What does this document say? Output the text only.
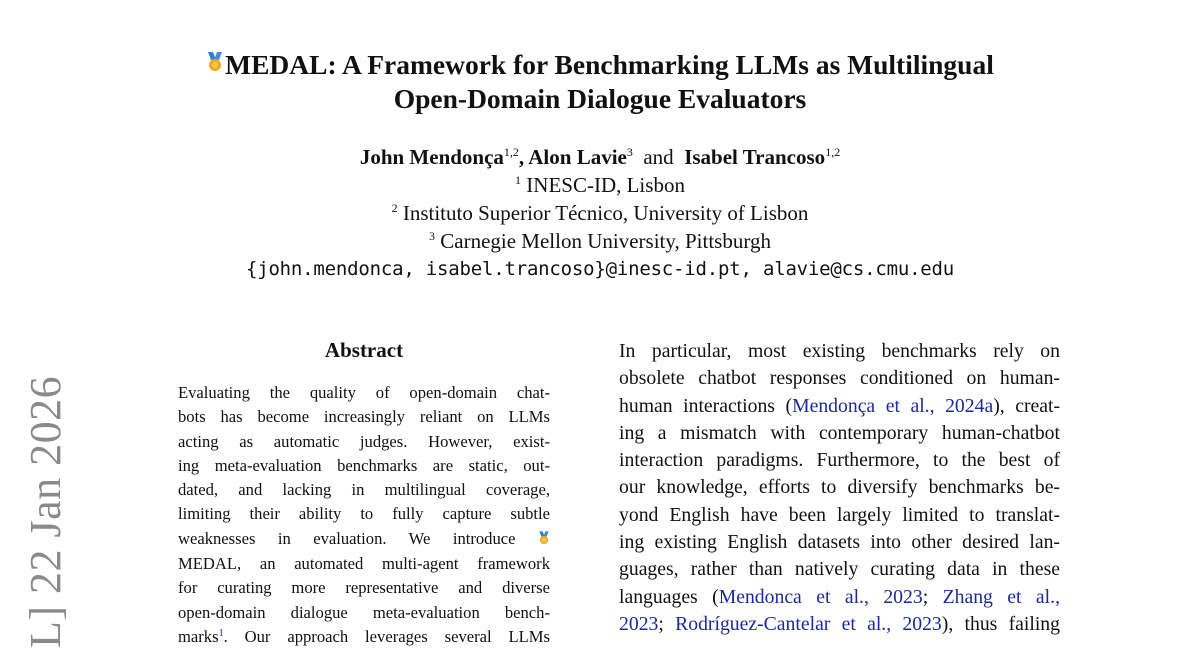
MEDAL: A Framework for Benchmarking LLMs as Multilingual
Open-Domain Dialogue Evaluators
John Mendonça$^{1,2}$, Alon Lavie$^3$ and Isabel Trancoso$^{1,2}$
$^1$ INESC-ID, Lisbon
$^2$ Instituto Superior Técnico, University of Lisbon
$^3$ Carnegie Mellon University, Pittsburgh
{john.mendonca, isabel.trancoso}@inesc-id.pt, alavie@cs.cmu.edu
Abstract
Evaluating the quality of open-domain chat-
bots has become increasingly reliant on LLMs
acting as automatic judges. However, exist-
ing meta-evaluation benchmarks are static, out-
dated, and lacking in multilingual coverage,
limiting their ability to fully capture subtle
weaknesses in evaluation. We introduce
MEDAL, an automated multi-agent framework
for curating more representative and diverse
open-domain dialogue meta-evaluation bench-
marks$^1$. Our approach leverages several LLMs
In particular, most existing benchmarks rely on
obsolete chatbot responses conditioned on human-
human interactions (Mendonça et al., 2024a), creat-
ing a mismatch with contemporary human-chatbot
interaction paradigms. Furthermore, to the best of
our knowledge, efforts to diversify benchmarks be-
yond English have been largely limited to translat-
ing existing English datasets into other desired lan-
guages, rather than natively curating data in these
languages (Mendonca et al., 2023; Zhang et al.,
2023; Rodríguez-Cantelar et al., 2023), thus failing
L] 22 Jan 2026
